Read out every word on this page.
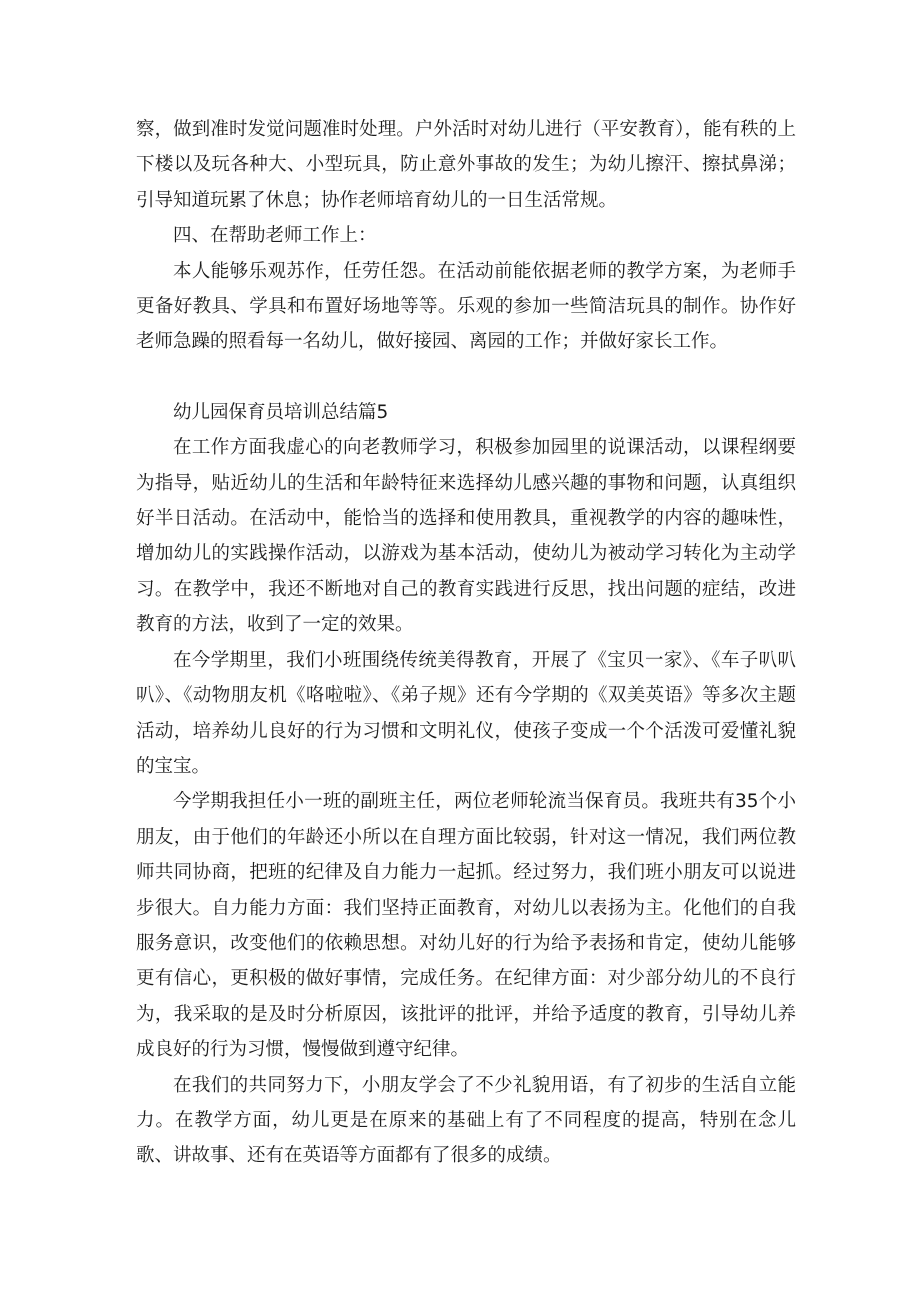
察，做到准时发觉问题准时处理。户外活时对幼儿进行（平安教育），能有秩的上下楼以及玩各种大、小型玩具，防止意外事故的发生；为幼儿擦汗、擦拭鼻涕；引导知道玩累了休息；协作老师培育幼儿的一日生活常规。

四、在帮助老师工作上：

本人能够乐观苏作，任劳任怨。在活动前能依据老师的教学方案，为老师手更备好教具、学具和布置好场地等等。乐观的参加一些简洁玩具的制作。协作好老师急躁的照看每一名幼儿，做好接园、离园的工作；并做好家长工作。

幼儿园保育员培训总结篇5

在工作方面我虚心的向老教师学习，积极参加园里的说课活动，以课程纲要为指导，贴近幼儿的生活和年龄特征来选择幼儿感兴趣的事物和问题，认真组织好半日活动。在活动中，能恰当的选择和使用教具，重视教学的内容的趣味性，增加幼儿的实践操作活动，以游戏为基本活动，使幼儿为被动学习转化为主动学习。在教学中，我还不断地对自己的教育实践进行反思，找出问题的症结，改进教育的方法，收到了一定的效果。

在今学期里，我们小班围绕传统美得教育，开展了《宝贝一家》、《车子叭叭叭》、《动物朋友机《咯啦啦》、《弟子规》还有今学期的《双美英语》等多次主题活动，培养幼儿良好的行为习惯和文明礼仪，使孩子变成一个个活泼可爱懂礼貌的宝宝。

今学期我担任小一班的副班主任，两位老师轮流当保育员。我班共有35个小朋友，由于他们的年龄还小所以在自理方面比较弱，针对这一情况，我们两位教师共同协商，把班的纪律及自力能力一起抓。经过努力，我们班小朋友可以说进步很大。自力能力方面：我们坚持正面教育，对幼儿以表扬为主。化他们的自我服务意识，改变他们的依赖思想。对幼儿好的行为给予表扬和肯定，使幼儿能够更有信心，更积极的做好事情，完成任务。在纪律方面：对少部分幼儿的不良行为，我采取的是及时分析原因，该批评的批评，并给予适度的教育，引导幼儿养成良好的行为习惯，慢慢做到遵守纪律。

在我们的共同努力下，小朋友学会了不少礼貌用语，有了初步的生活自立能力。在教学方面，幼儿更是在原来的基础上有了不同程度的提高，特别在念儿歌、讲故事、还有在英语等方面都有了很多的成绩。
